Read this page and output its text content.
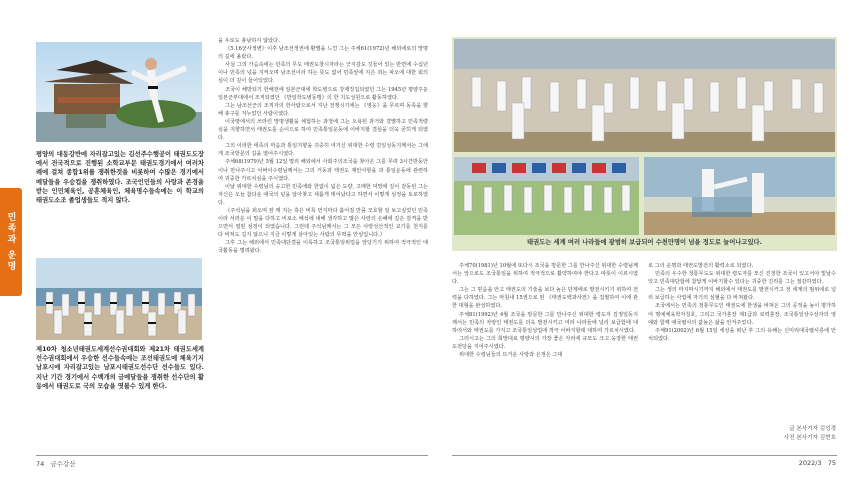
민족과 운명
평양의 대동강반에 자리잡고있는 김선주수행공이 태권도도장에서 전국적으로 진행된 소학교부문 태권도경기에서 여러차례에 걸쳐 종합1위를 쟁취한것을 비롯하여 수많은 경기에서 메달들을 우승컵을 쟁취하였다. 조국인민들의 사랑과 존경을 받는 인민체육인, 공훈체육인, 체육명수들속에는 이 학교의 태권도소조 졸업생들도 적지 않다.
제10차 청소년태권도세계선수권대회와 제21차 태권도세계선수권대회에서 우승한 선수들속에는 조선태권도에 체육기지 남포시에 자리잡고있는 남포시태권도선수단 선수들도 있다. 지난 기간 경기에서 수백개의 금메달들을 쟁취한 선수단의 활동에서 태권도로 국의 모습을 엿볼수 있게 한다.

을 우로도 총남하지 않았다.

《5.16군사정변》이후 남조선정권에 환멸을 느낀 그는 주체61(1972)년 해외에로의 망명의 길에 올랐다.

사실 그의 가슴속에는 민족의 무도 태권도창시자라는 긍지감도 깃들어 있는 반면에 수십년이나 민족의 넋을 지켜오며 남조선이라 하는 뜻도 없어 민족앞에 지은 죄는 파오에 대한 회의심이 더 깊이 들어있었다.

조국이 해방되기 한해전에 일본군대에 학도병으로 강제징집되였던 그는 1945년 평양주둔 일본군부대에서 조직되였던 《반일학도병동맹》의 한 지도성원으로 활동하였다.

그는 남조선군의 조직자의 한사람으로서 지난 전쟁시기에는 《영웅》을 무르며 동족을 향해 총구를 겨누었던 사람이였다.

이국땅에서의 쓰라린 망명생활을 체험하는 과정에 그는 오욕된 과거와 결별하고 민족적량심을 지향하면서 태권도를 순이으로 하여 민족통일운동에 이바지할 결심을 더욱 굳히게 되였다.

그의 이러한 애족의 마음과 통일지향을 귀중히 여기신 위대한 수령 김일성동지께서는 그에게 조국방문의 길을 열어주시였다.

주체68(1979)년 5월 12일 멀리 해외에서 사회주의조국을 찾아온 그를 무려 3시간반동안이나 만나주시고 어버이수령님께서는 그의 거동과 태권도 제안사항을 과 통일운동에 관련하여 귀중한 가르치심을 주시였다.

이날 위대한 수령님의 숭고한 민족애와 한없이 넓은 도량, 고매한 덕망에 깊이 감동된 그는 자신은 오늘 참다운 애국의 넋을 알아찾고 새롭게 태어났다고 하면서 이렇게 심정을 토로하였다.

《주석님을 뵈오며 잠 깨 지는 혹은 비록 먼지마다 흩어질 만큼 모호할 일 보고싶었던 민족이라 서러운 이 말을 다하고 비로소 해석에 대해 생각하고 많은 사랑의 은혜에 깊은 감격을 받으면서 열띤 심정이 되였습니다. 그런데 주석님께서는 그 모든 사랑성산적인 교기를 천지를 다 바쳐도 길지 않으니 지금 이렇게 살아있는 사람의 무력을 안심입니다.》

그후 그는 해외에서 민족대단결을 이룩하고 조국통일위업을 앞당기기 위하여 적극적인 애국활동을 벌려왔다.

태권도는 세계 여러 나라들에 광범히 보급되어 수천만명이 넘을 정도로 늘어나고있다.

주체70(1981)년 10월에 또다시 조국을 방문한 그를 만나주신 위대한 수령님께서는 앞으로도 조국통일을 위하여 적극적으로 활약하여야 한다고 따뜻이 이르시였다.

그는 그 믿음을 안고 태권도의 기술을 보다 높은 단계에로 발전시키기 위하여 전력을 다하였다. 그는 마침내 15권으로 된 《태권도백과사전》을 집필하여 이에 관한 대형을 완성하였다.

주체81(1992)년 4월 조국을 방문한 그를 만나주신 위대한 령도자 김정일동지께서는 민족의 자랑인 태권도를 더욱 발전시키고 여러 나라들에 널리 보급함에 대하여서와 태권도를 가지고 조국통일성업에 적극 이바지할데 대하여 가르치시였다.

그러시고는 그의 희망대로 평양시의 가장 좋은 자리에 규모도 크고 웅장한 태권도전당을 지어주시였다.

위대한 수령님들의 뜨거운 사랑과 은정은 그대

로 그의 운명과 태권도발전의 활력소로 되였다.

민족의 우수한 청통무도도 위대한 령도자를 모신 진정한 조국이 있고서야 빛날수 있고 민족대단합에 참답게 이바지할수 있다는 귀중한 진리를 그는 절감하였다.

그는 생의 마지막시기까지 해외에서 태권도를 발전시키고 전 세계의 범위에로 널리 보급하는 사업에 자기의 심혈을 다 바쳐왔다.

조국에서는 민족의 정통무도인 태권도에 한생을 바쳐온 그의 공적을 높이 평가하여 명예체육학자칭호, 그리고 국가훈장 제1급과 로력훈장, 조국통일상수상자의 영예와 함께 애국렬사의 값높은 삶을 안겨주었다.

주체91(2002)년 6월 15일 세상을 떠난 후 그의 유해는 신미리애국렬사릉에 안치되였다.

글 본사기자 김성경
사진 본사기자 김현호
74 금수강산	2022/3 75
